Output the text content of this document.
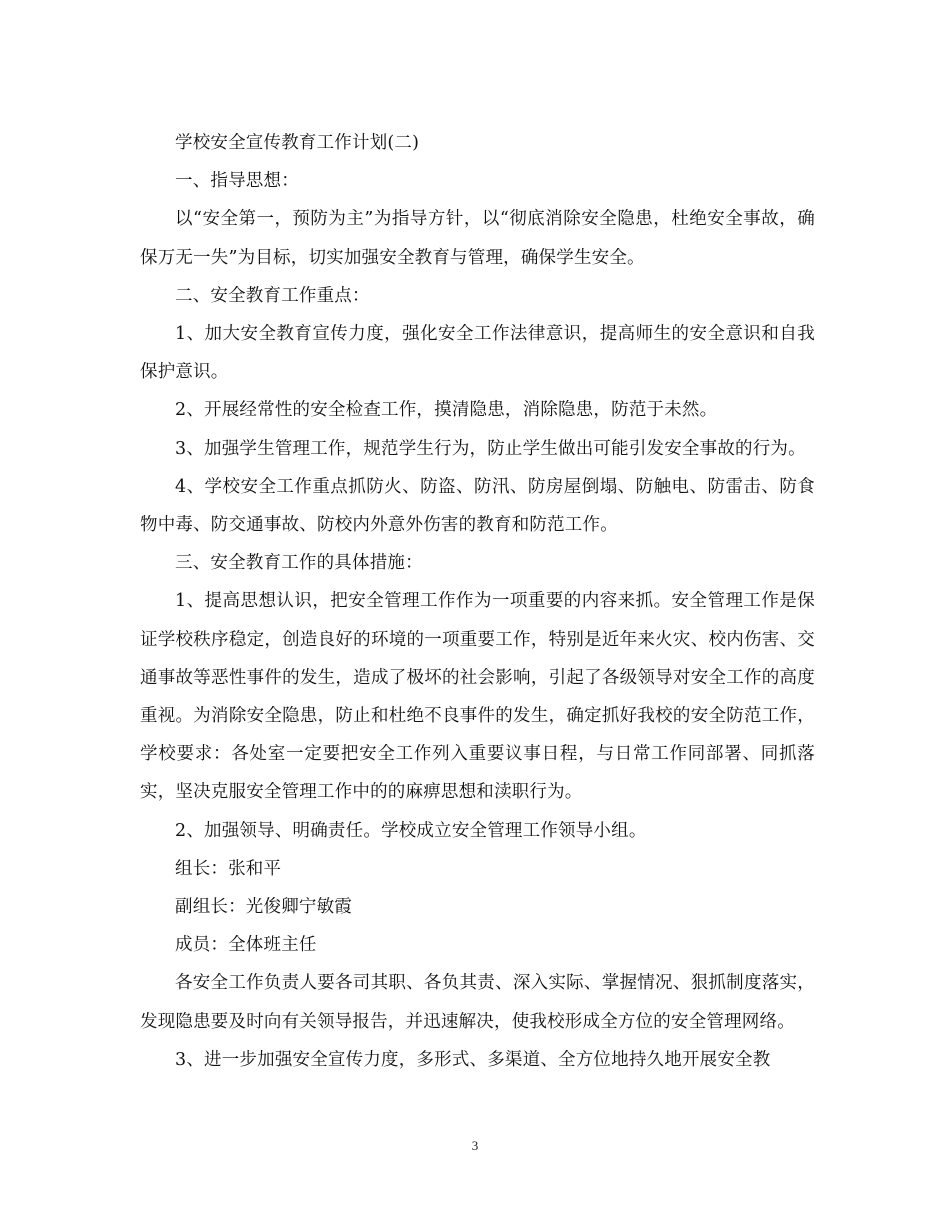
学校安全宣传教育工作计划(二)

一、指导思想：

以“安全第一，预防为主”为指导方针，以“彻底消除安全隐患，杜绝安全事故，确保万无一失”为目标，切实加强安全教育与管理，确保学生安全。

二、安全教育工作重点：

1、加大安全教育宣传力度，强化安全工作法律意识，提高师生的安全意识和自我保护意识。

2、开展经常性的安全检查工作，摸清隐患，消除隐患，防范于未然。

3、加强学生管理工作，规范学生行为，防止学生做出可能引发安全事故的行为。

4、学校安全工作重点抓防火、防盗、防汛、防房屋倒塌、防触电、防雷击、防食物中毒、防交通事故、防校内外意外伤害的教育和防范工作。

三、安全教育工作的具体措施：

1、提高思想认识，把安全管理工作作为一项重要的内容来抓。安全管理工作是保证学校秩序稳定，创造良好的环境的一项重要工作，特别是近年来火灾、校内伤害、交通事故等恶性事件的发生，造成了极坏的社会影响，引起了各级领导对安全工作的高度重视。为消除安全隐患，防止和杜绝不良事件的发生，确定抓好我校的安全防范工作，学校要求：各处室一定要把安全工作列入重要议事日程，与日常工作同部署、同抓落实，坚决克服安全管理工作中的的麻痹思想和渎职行为。

2、加强领导、明确责任。学校成立安全管理工作领导小组。

组长：张和平

副组长：光俊卿宁敏霞

成员：全体班主任

各安全工作负责人要各司其职、各负其责、深入实际、掌握情况、狠抓制度落实，发现隐患要及时向有关领导报告，并迅速解决，使我校形成全方位的安全管理网络。

3、进一步加强安全宣传力度，多形式、多渠道、全方位地持久地开展安全教

3
